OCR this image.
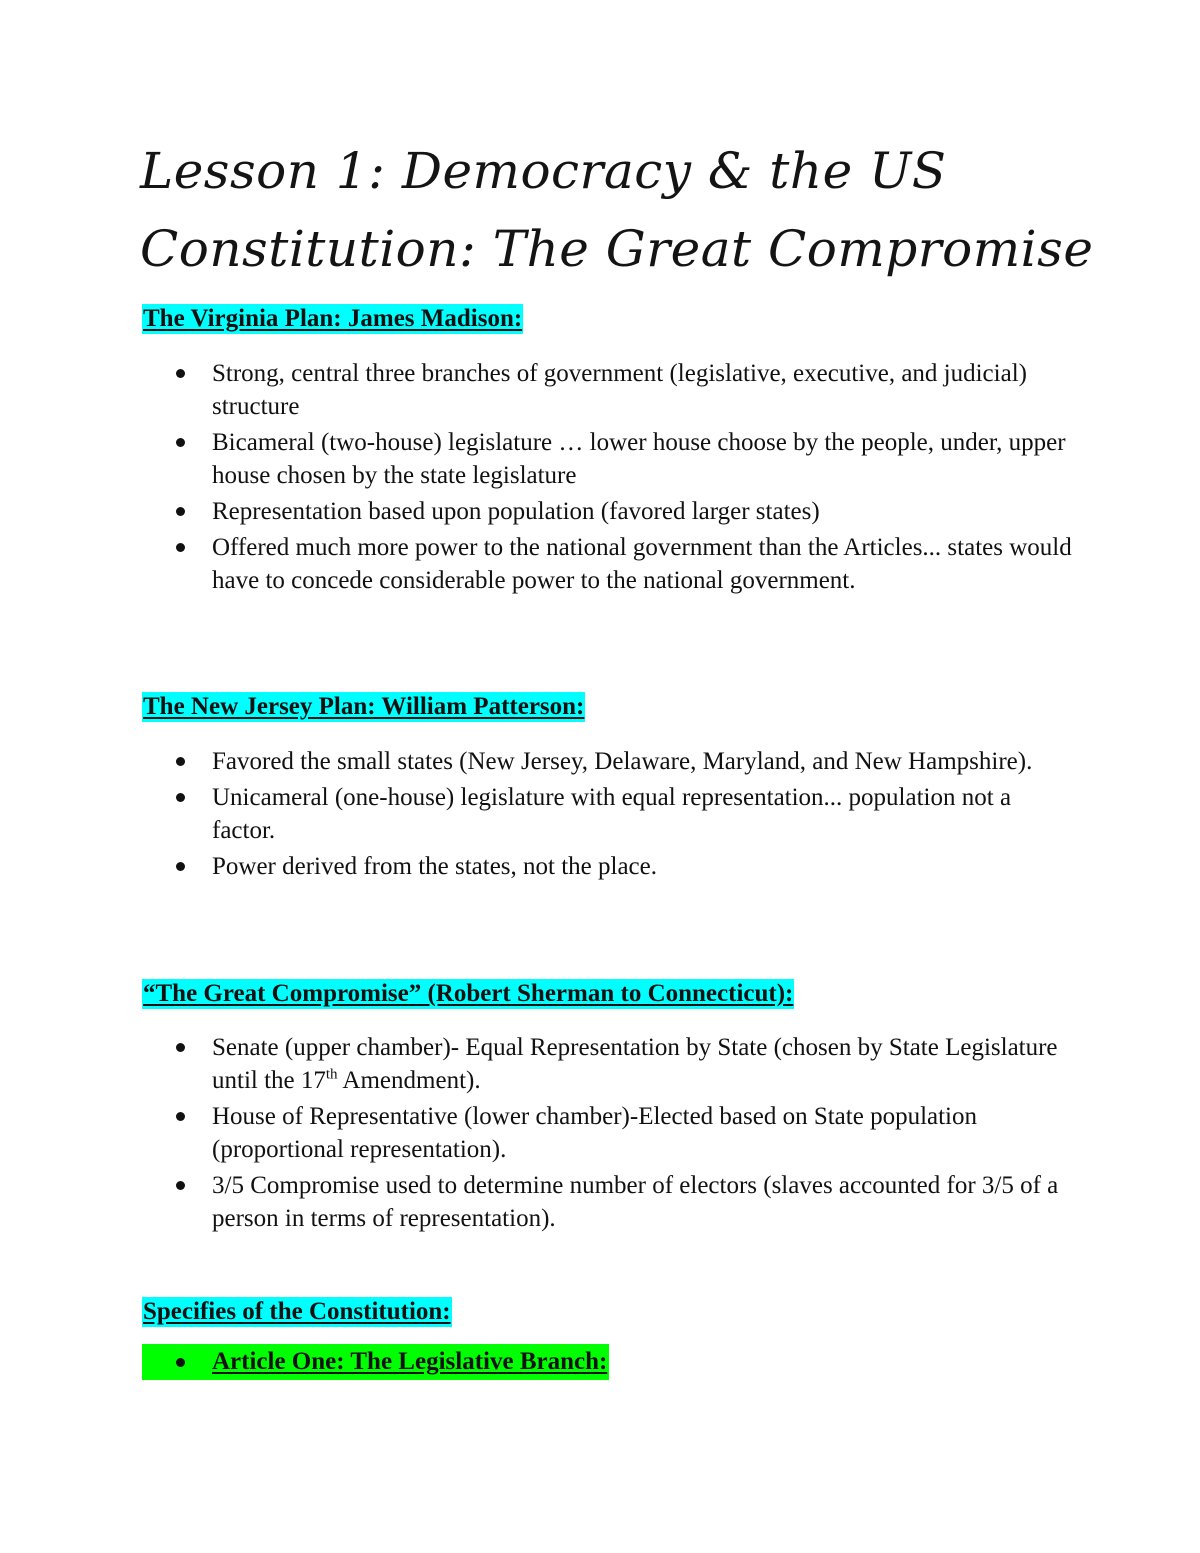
Lesson 1: Democracy & the US
Constitution: The Great Compromise
The Virginia Plan: James Madison:
Strong, central three branches of government (legislative, executive, and judicial) structure
Bicameral (two-house) legislature … lower house choose by the people, under, upper house chosen by the state legislature
Representation based upon population (favored larger states)
Offered much more power to the national government than the Articles... states would have to concede considerable power to the national government.
The New Jersey Plan: William Patterson:
Favored the small states (New Jersey, Delaware, Maryland, and New Hampshire).
Unicameral (one-house) legislature with equal representation... population not a factor.
Power derived from the states, not the place.
“The Great Compromise” (Robert Sherman to Connecticut):
Senate (upper chamber)- Equal Representation by State (chosen by State Legislature until the 17th Amendment).
House of Representative (lower chamber)-Elected based on State population (proportional representation).
3/5 Compromise used to determine number of electors (slaves accounted for 3/5 of a person in terms of representation).
Specifies of the Constitution:
Article One: The Legislative Branch:
